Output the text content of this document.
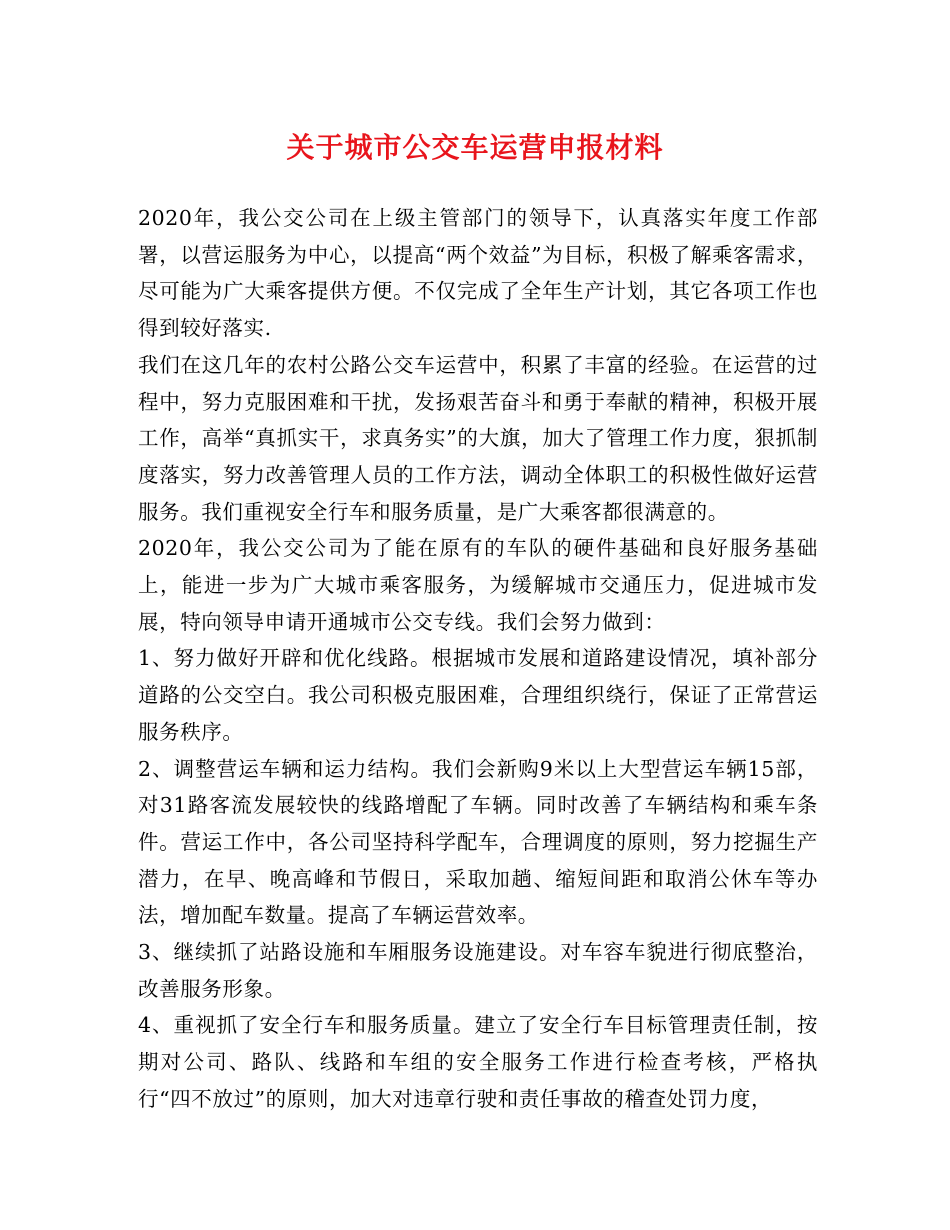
关于城市公交车运营申报材料

2020年，我公交公司在上级主管部门的领导下，认真落实年度工作部署，以营运服务为中心，以提高“两个效益”为目标，积极了解乘客需求，尽可能为广大乘客提供方便。不仅完成了全年生产计划，其它各项工作也得到较好落实.

我们在这几年的农村公路公交车运营中，积累了丰富的经验。在运营的过程中，努力克服困难和干扰，发扬艰苦奋斗和勇于奉献的精神，积极开展工作，高举“真抓实干，求真务实”的大旗，加大了管理工作力度，狠抓制度落实，努力改善管理人员的工作方法，调动全体职工的积极性做好运营服务。我们重视安全行车和服务质量，是广大乘客都很满意的。

2020年，我公交公司为了能在原有的车队的硬件基础和良好服务基础上，能进一步为广大城市乘客服务，为缓解城市交通压力，促进城市发展，特向领导申请开通城市公交专线。我们会努力做到：

1、努力做好开辟和优化线路。根据城市发展和道路建设情况，填补部分道路的公交空白。我公司积极克服困难，合理组织绕行，保证了正常营运服务秩序。

2、调整营运车辆和运力结构。我们会新购9米以上大型营运车辆15部，对31路客流发展较快的线路增配了车辆。同时改善了车辆结构和乘车条件。营运工作中，各公司坚持科学配车，合理调度的原则，努力挖掘生产潜力，在早、晚高峰和节假日，采取加趟、缩短间距和取消公休车等办法，增加配车数量。提高了车辆运营效率。

3、继续抓了站路设施和车厢服务设施建设。对车容车貌进行彻底整治，改善服务形象。

4、重视抓了安全行车和服务质量。建立了安全行车目标管理责任制，按期对公司、路队、线路和车组的安全服务工作进行检查考核，严格执行“四不放过”的原则，加大对违章行驶和责任事故的稽查处罚力度，
